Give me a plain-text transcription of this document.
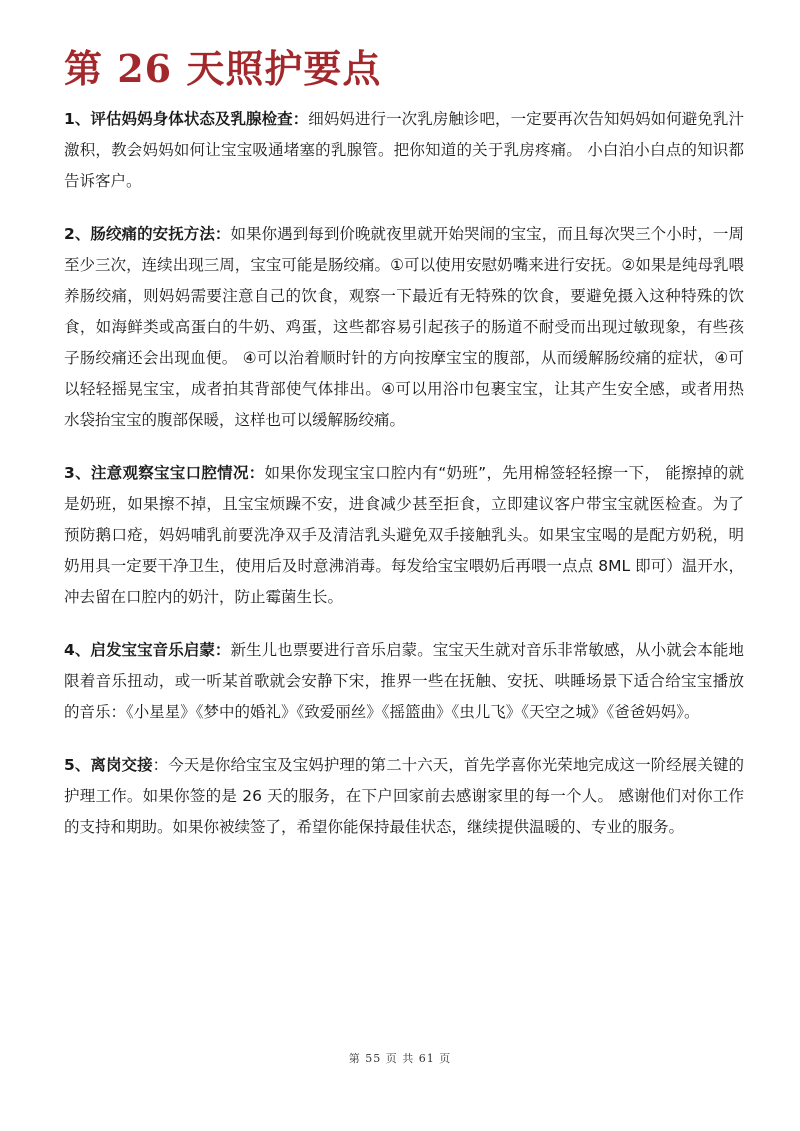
第 26 天照护要点

1、评估妈妈身体状态及乳腺检查：细妈妈进行一次乳房触诊吧，一定要再次告知妈妈如何避免乳汁激积，教会妈妈如何让宝宝吸通堵塞的乳腺管。把你知道的关于乳房疼痛。 小白泊小白点的知识都告诉客户。

2、肠绞痛的安抚方法：如果你遇到每到价晚就夜里就开始哭闹的宝宝，而且每次哭三个小时，一周至少三次，连续出现三周，宝宝可能是肠绞痛。①可以使用安慰奶嘴来进行安抚。②如果是纯母乳喂养肠绞痛，则妈妈需要注意自己的饮食，观察一下最近有无特殊的饮食，要避免摄入这种特殊的饮食，如海鲜类或高蛋白的牛奶、鸡蛋，这些都容易引起孩子的肠道不耐受而出现过敏现象，有些孩子肠绞痛还会出现血便。 ④可以治着顺时针的方向按摩宝宝的腹部，从而缓解肠绞痛的症状，④可以轻轻摇晃宝宝，成者拍其背部使气体排出。④可以用浴巾包裹宝宝，让其产生安全感，或者用热水袋抬宝宝的腹部保暖，这样也可以缓解肠绞痛。

3、注意观察宝宝口腔情况：如果你发现宝宝口腔内有“奶班”，先用棉签轻轻擦一下， 能擦掉的就是奶班，如果擦不掉，且宝宝烦躁不安，进食减少甚至拒食，立即建议客户带宝宝就医检查。为了预防鹅口疮，妈妈哺乳前要洗净双手及清洁乳头避免双手接触乳头。如果宝宝喝的是配方奶税，明奶用具一定要干净卫生，使用后及时意沸消毒。每发给宝宝喂奶后再喂一点点 8ML 即可）温开水，冲去留在口腔内的奶汁，防止霉菌生长。

4、启发宝宝音乐启蒙：新生儿也票要进行音乐启蒙。宝宝天生就对音乐非常敏感，从小就会本能地限着音乐扭动，或一听某首歌就会安静下宋，推界一些在抚触、安抚、哄睡场景下适合给宝宝播放的音乐：《小星星》《梦中的婚礼》《致爱丽丝》《摇篮曲》《虫儿飞》《天空之城》《爸爸妈妈》。

5、离岗交接：今天是你给宝宝及宝妈护理的第二十六天，首先学喜你光荣地完成这一阶经展关键的护理工作。如果你签的是 26 天的服务，在下户回家前去感谢家里的每一个人。 感谢他们对你工作的支持和期助。如果你被续签了，希望你能保持最佳状态，继续提供温暖的、专业的服务。

第 55 页 共 61 页
